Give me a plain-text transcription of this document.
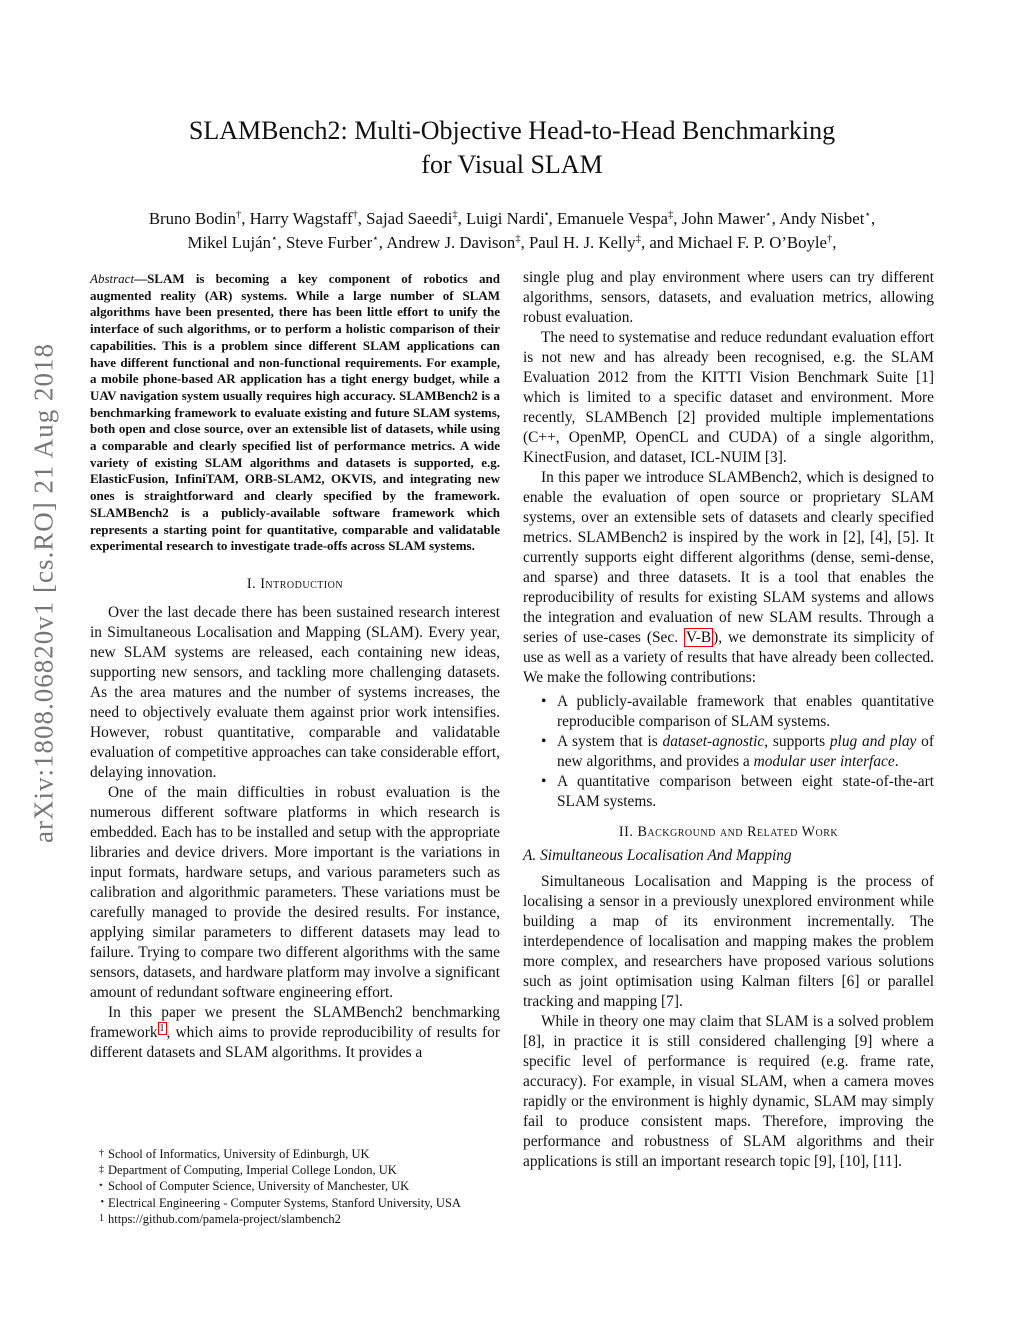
SLAMBench2: Multi-Objective Head-to-Head Benchmarking
for Visual SLAM
Bruno Bodin†, Harry Wagstaff†, Sajad Saeedi‡, Luigi Nardi•, Emanuele Vespa‡, John Mawer⋆, Andy Nisbet⋆,
Mikel Luján⋆, Steve Furber⋆, Andrew J. Davison‡, Paul H. J. Kelly‡, and Michael F. P. O’Boyle†,
arXiv:1808.06820v1 [cs.RO] 21 Aug 2018

Abstract—SLAM is becoming a key component of robotics and augmented reality (AR) systems. While a large number of SLAM algorithms have been presented, there has been little effort to unify the interface of such algorithms, or to perform a holistic comparison of their capabilities. This is a problem since different SLAM applications can have different functional and non-functional requirements. For example, a mobile phone-based AR application has a tight energy budget, while a UAV navigation system usually requires high accuracy. SLAMBench2 is a benchmarking framework to evaluate existing and future SLAM systems, both open and close source, over an extensible list of datasets, while using a comparable and clearly specified list of performance metrics. A wide variety of existing SLAM algorithms and datasets is supported, e.g. ElasticFusion, InfiniTAM, ORB-SLAM2, OKVIS, and integrating new ones is straightforward and clearly specified by the framework. SLAMBench2 is a publicly-available software framework which represents a starting point for quantitative, comparable and validatable experimental research to investigate trade-offs across SLAM systems.

I. Introduction

Over the last decade there has been sustained research interest in Simultaneous Localisation and Mapping (SLAM). Every year, new SLAM systems are released, each containing new ideas, supporting new sensors, and tackling more challenging datasets. As the area matures and the number of systems increases, the need to objectively evaluate them against prior work intensifies. However, robust quantitative, comparable and validatable evaluation of competitive approaches can take considerable effort, delaying innovation.

One of the main difficulties in robust evaluation is the numerous different software platforms in which research is embedded. Each has to be installed and setup with the appropriate libraries and device drivers. More important is the variations in input formats, hardware setups, and various parameters such as calibration and algorithmic parameters. These variations must be carefully managed to provide the desired results. For instance, applying similar parameters to different datasets may lead to failure. Trying to compare two different algorithms with the same sensors, datasets, and hardware platform may involve a significant amount of redundant software engineering effort.

In this paper we present the SLAMBench2 benchmarking framework $^1$ , which aims to provide reproducibility of results for different datasets and SLAM algorithms. It provides a

† School of Informatics, University of Edinburgh, UK
‡ Department of Computing, Imperial College London, UK
⋆ School of Computer Science, University of Manchester, UK
• Electrical Engineering - Computer Systems, Stanford University, USA
1 https://github.com/pamela-project/slambench2

single plug and play environment where users can try different algorithms, sensors, datasets, and evaluation metrics, allowing robust evaluation.

The need to systematise and reduce redundant evaluation effort is not new and has already been recognised, e.g. the SLAM Evaluation 2012 from the KITTI Vision Benchmark Suite [1] which is limited to a specific dataset and environment. More recently, SLAMBench [2] provided multiple implementations (C++, OpenMP, OpenCL and CUDA) of a single algorithm, KinectFusion, and dataset, ICL-NUIM [3].

In this paper we introduce SLAMBench2, which is designed to enable the evaluation of open source or proprietary SLAM systems, over an extensible sets of datasets and clearly specified metrics. SLAMBench2 is inspired by the work in [2], [4], [5]. It currently supports eight different algorithms (dense, semi-dense, and sparse) and three datasets. It is a tool that enables the reproducibility of results for existing SLAM systems and allows the integration and evaluation of new SLAM results. Through a series of use-cases (Sec. V-B ), we demonstrate its simplicity of use as well as a variety of results that have already been collected. We make the following contributions:

• A publicly-available framework that enables quantitative reproducible comparison of SLAM systems.
• A system that is dataset-agnostic, supports plug and play of new algorithms, and provides a modular user interface.
• A quantitative comparison between eight state-of-the-art SLAM systems.
II. Background and Related Work

A. Simultaneous Localisation And Mapping

Simultaneous Localisation and Mapping is the process of localising a sensor in a previously unexplored environment while building a map of its environment incrementally. The interdependence of localisation and mapping makes the problem more complex, and researchers have proposed various solutions such as joint optimisation using Kalman filters [6] or parallel tracking and mapping [7].

While in theory one may claim that SLAM is a solved problem [8], in practice it is still considered challenging [9] where a specific level of performance is required (e.g. frame rate, accuracy). For example, in visual SLAM, when a camera moves rapidly or the environment is highly dynamic, SLAM may simply fail to produce consistent maps. Therefore, improving the performance and robustness of SLAM algorithms and their applications is still an important research topic [9], [10], [11].
